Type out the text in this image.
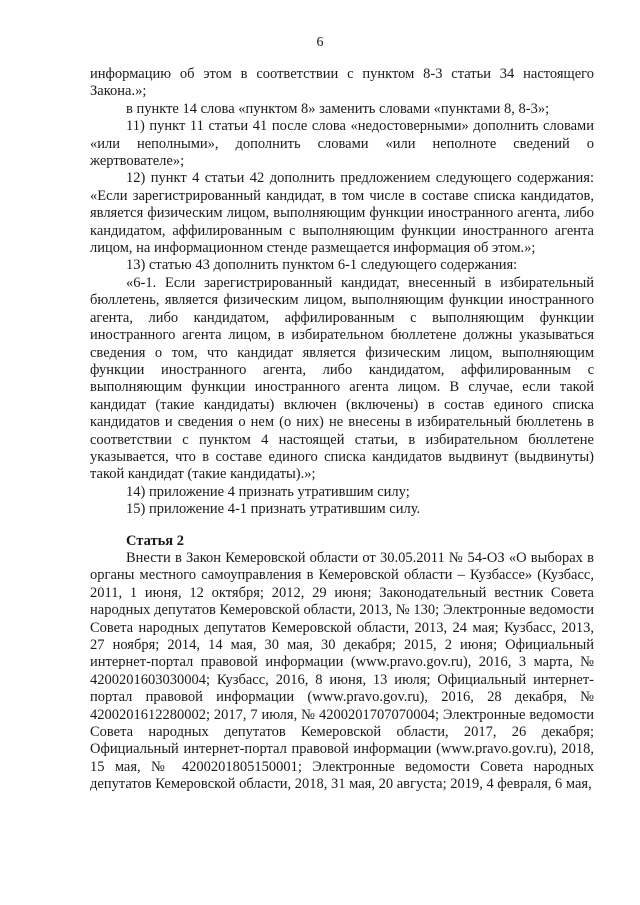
6

информацию об этом в соответствии с пунктом 8-3 статьи 34 настоящего Закона.»;

в пункте 14 слова «пунктом 8» заменить словами «пунктами 8, 8-3»;

11) пункт 11 статьи 41 после слова «недостоверными» дополнить словами «или неполными», дополнить словами «или неполноте сведений о жертвователе»;

12) пункт 4 статьи 42 дополнить предложением следующего содержания: «Если зарегистрированный кандидат, в том числе в составе списка кандидатов, является физическим лицом, выполняющим функции иностранного агента, либо кандидатом, аффилированным с выполняющим функции иностранного агента лицом, на информационном стенде размещается информация об этом.»;

13) статью 43 дополнить пунктом 6-1 следующего содержания:

«6-1. Если зарегистрированный кандидат, внесенный в избирательный бюллетень, является физическим лицом, выполняющим функции иностранного агента, либо кандидатом, аффилированным с выполняющим функции иностранного агента лицом, в избирательном бюллетене должны указываться сведения о том, что кандидат является физическим лицом, выполняющим функции иностранного агента, либо кандидатом, аффилированным с выполняющим функции иностранного агента лицом. В случае, если такой кандидат (такие кандидаты) включен (включены) в состав единого списка кандидатов и сведения о нем (о них) не внесены в избирательный бюллетень в соответствии с пунктом 4 настоящей статьи, в избирательном бюллетене указывается, что в составе единого списка кандидатов выдвинут (выдвинуты) такой кандидат (такие кандидаты).»;

14) приложение 4 признать утратившим силу;

15) приложение 4-1 признать утратившим силу.

Статья 2

Внести в Закон Кемеровской области от 30.05.2011 № 54-ОЗ «О выборах в органы местного самоуправления в Кемеровской области – Кузбассе» (Кузбасс, 2011, 1 июня, 12 октября; 2012, 29 июня; Законодательный вестник Совета народных депутатов Кемеровской области, 2013, № 130; Электронные ведомости Совета народных депутатов Кемеровской области, 2013, 24 мая; Кузбасс, 2013, 27 ноября; 2014, 14 мая, 30 мая, 30 декабря; 2015, 2 июня; Официальный интернет-портал правовой информации (www.pravo.gov.ru), 2016, 3 марта, № 4200201603030004; Кузбасс, 2016, 8 июня, 13 июля; Официальный интернет-портал правовой информации (www.pravo.gov.ru), 2016, 28 декабря, № 4200201612280002; 2017, 7 июля, № 4200201707070004; Электронные ведомости Совета народных депутатов Кемеровской области, 2017, 26 декабря; Официальный интернет-портал правовой информации (www.pravo.gov.ru), 2018, 15 мая, № 4200201805150001; Электронные ведомости Совета народных депутатов Кемеровской области, 2018, 31 мая, 20 августа; 2019, 4 февраля, 6 мая,
